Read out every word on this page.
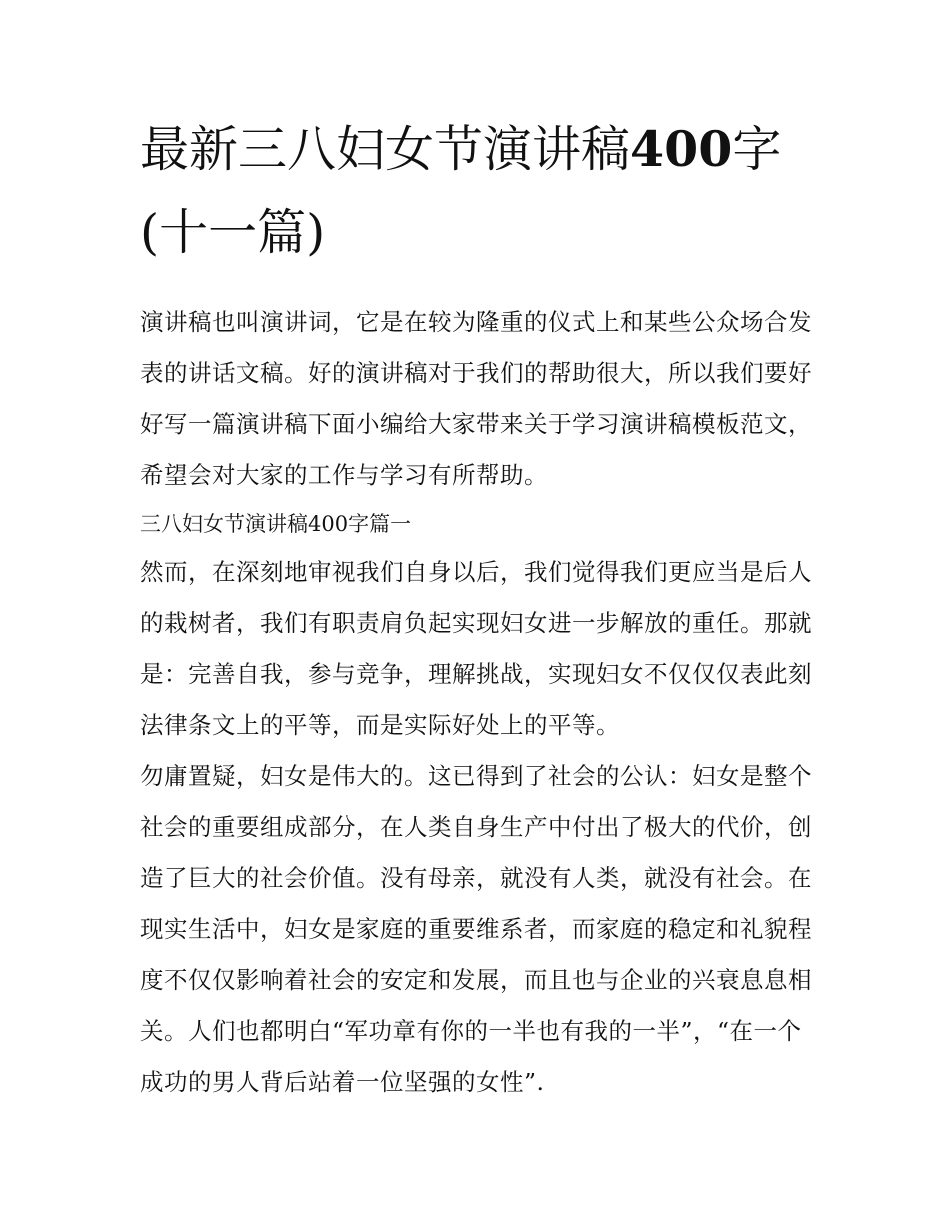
最新三八妇女节演讲稿400字
(十一篇)

演讲稿也叫演讲词，它是在较为隆重的仪式上和某些公众场合发表的讲话文稿。好的演讲稿对于我们的帮助很大，所以我们要好好写一篇演讲稿下面小编给大家带来关于学习演讲稿模板范文，希望会对大家的工作与学习有所帮助。

三八妇女节演讲稿400字篇一

然而，在深刻地审视我们自身以后，我们觉得我们更应当是后人的栽树者，我们有职责肩负起实现妇女进一步解放的重任。那就是：完善自我，参与竞争，理解挑战，实现妇女不仅仅仅表此刻法律条文上的平等，而是实际好处上的平等。

勿庸置疑，妇女是伟大的。这已得到了社会的公认：妇女是整个社会的重要组成部分，在人类自身生产中付出了极大的代价，创造了巨大的社会价值。没有母亲，就没有人类，就没有社会。在现实生活中，妇女是家庭的重要维系者，而家庭的稳定和礼貌程度不仅仅影响着社会的安定和发展，而且也与企业的兴衰息息相关。人们也都明白“军功章有你的一半也有我的一半”，“在一个成功的男人背后站着一位坚强的女性”.
